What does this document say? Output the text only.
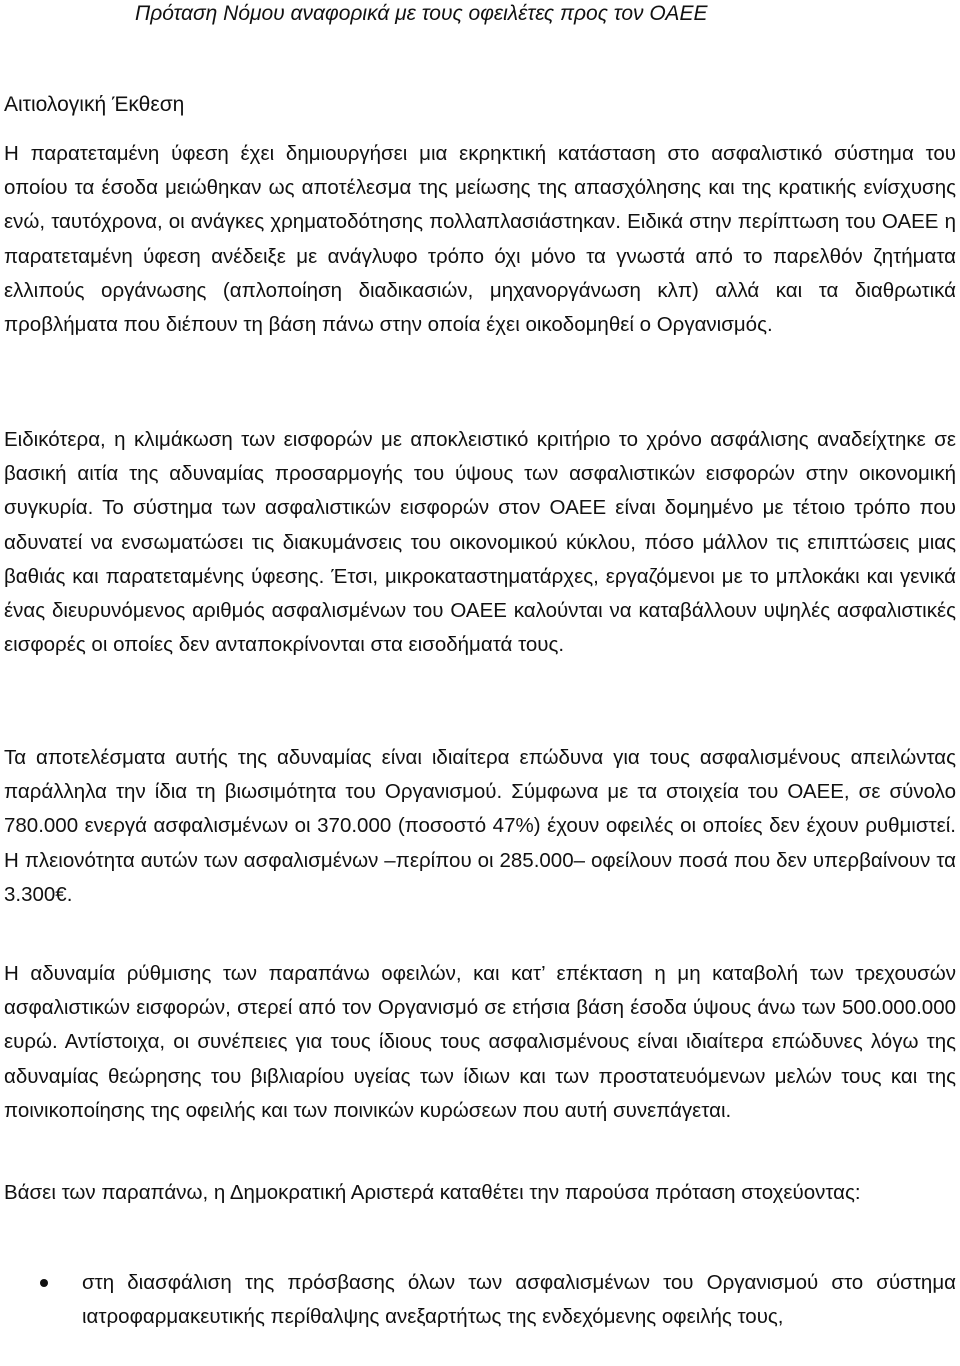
Πρόταση Νόμου αναφορικά με τους οφειλέτες προς τον ΟΑΕΕ
Αιτιολογική Έκθεση

Η παρατεταμένη ύφεση έχει δημιουργήσει μια εκρηκτική κατάσταση στο ασφαλιστικό σύστημα του οποίου τα έσοδα μειώθηκαν ως αποτέλεσμα της μείωσης της απασχόλησης και της κρατικής ενίσχυσης ενώ, ταυτόχρονα, οι ανάγκες χρηματοδότησης πολλαπλασιάστηκαν. Ειδικά στην περίπτωση του ΟΑΕΕ η παρατεταμένη ύφεση ανέδειξε με ανάγλυφο τρόπο όχι μόνο τα γνωστά από το παρελθόν ζητήματα ελλιπούς οργάνωσης (απλοποίηση διαδικασιών, μηχανοργάνωση κλπ) αλλά και τα διαθρωτικά προβλήματα που διέπουν τη βάση πάνω στην οποία έχει οικοδομηθεί ο Οργανισμός.

Ειδικότερα, η κλιμάκωση των εισφορών με αποκλειστικό κριτήριο το χρόνο ασφάλισης αναδείχτηκε σε βασική αιτία της αδυναμίας προσαρμογής του ύψους των ασφαλιστικών εισφορών στην οικονομική συγκυρία. Το σύστημα των ασφαλιστικών εισφορών στον ΟΑΕΕ είναι δομημένο με τέτοιο τρόπο που αδυνατεί να ενσωματώσει τις διακυμάνσεις του οικονομικού κύκλου, πόσο μάλλον τις επιπτώσεις μιας βαθιάς και παρατεταμένης ύφεσης. Έτσι, μικροκαταστηματάρχες, εργαζόμενοι με το μπλοκάκι και γενικά ένας διευρυνόμενος αριθμός ασφαλισμένων του ΟΑΕΕ καλούνται να καταβάλλουν υψηλές ασφαλιστικές εισφορές οι οποίες δεν ανταποκρίνονται στα εισοδήματά τους.

Τα αποτελέσματα αυτής της αδυναμίας είναι ιδιαίτερα επώδυνα για τους ασφαλισμένους απειλώντας παράλληλα την ίδια τη βιωσιμότητα του Οργανισμού. Σύμφωνα με τα στοιχεία του ΟΑΕΕ, σε σύνολο 780.000 ενεργά ασφαλισμένων οι 370.000 (ποσοστό 47%) έχουν οφειλές οι οποίες δεν έχουν ρυθμιστεί. Η πλειονότητα αυτών των ασφαλισμένων –περίπου οι 285.000– οφείλουν ποσά που δεν υπερβαίνουν τα 3.300€.

Η αδυναμία ρύθμισης των παραπάνω οφειλών, και κατ’ επέκταση η μη καταβολή των τρεχουσών ασφαλιστικών εισφορών, στερεί από τον Οργανισμό σε ετήσια βάση έσοδα ύψους άνω των 500.000.000 ευρώ. Αντίστοιχα, οι συνέπειες για τους ίδιους τους ασφαλισμένους είναι ιδιαίτερα επώδυνες λόγω της αδυναμίας θεώρησης του βιβλιαρίου υγείας των ίδιων και των προστατευόμενων μελών τους και της ποινικοποίησης της οφειλής και των ποινικών κυρώσεων που αυτή συνεπάγεται.

Βάσει των παραπάνω, η Δημοκρατική Αριστερά καταθέτει την παρούσα πρόταση στοχεύοντας:

στη διασφάλιση της πρόσβασης όλων των ασφαλισμένων του Οργανισμού στο σύστημα ιατροφαρμακευτικής περίθαλψης ανεξαρτήτως της ενδεχόμενης οφειλής τους,
